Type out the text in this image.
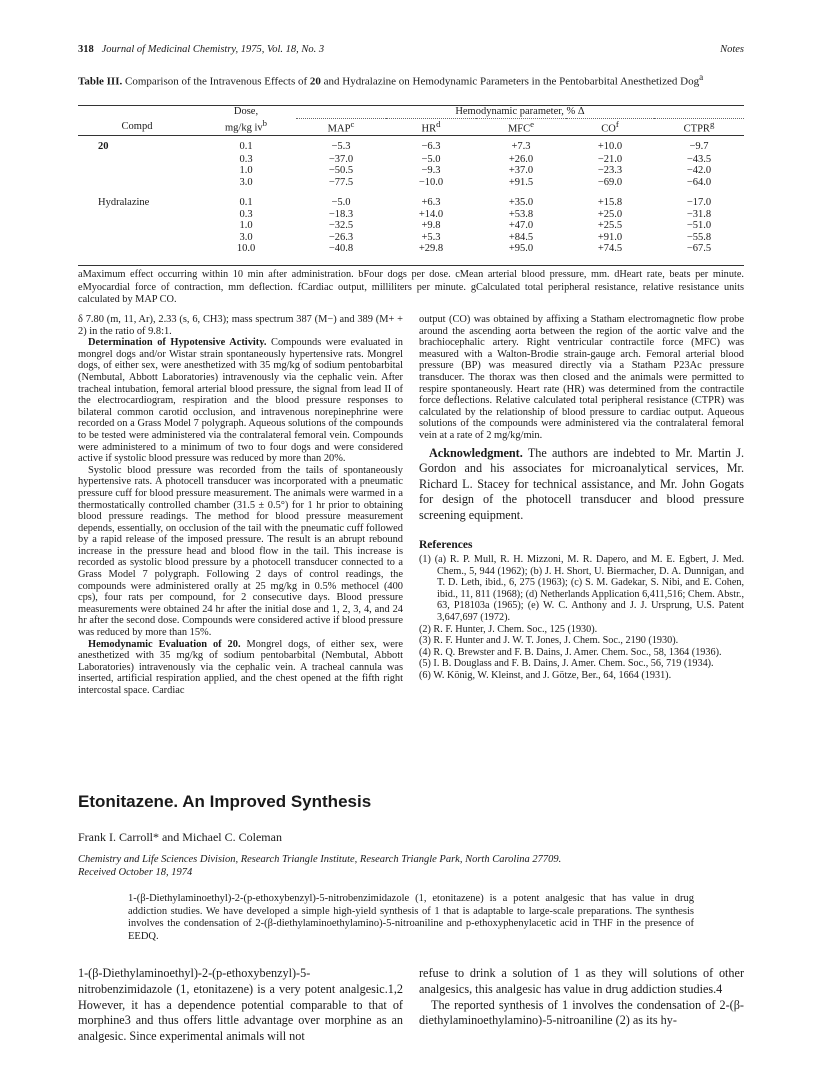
318 Journal of Medicinal Chemistry, 1975, Vol. 18, No. 3	Notes
Table III. Comparison of the Intravenous Effects of 20 and Hydralazine on Hemodynamic Parameters in the Pentobarbital Anesthetized Dog$^a$

	Dose,	Hemodynamic parameter, % Δ				
Compd	mg/kg $iv^b$	MAP$^c$	$HR^d$	MFC$^e$	$CO^f$	CTPR$^g$

20	0.1	−5.3	−6.3	+7.3	+10.0	−9.7
	0.3	−37.0	−5.0	+26.0	−21.0	−43.5
	1.0	−50.5	−9.3	+37.0	−23.3	−42.0
	3.0	−77.5	−10.0	+91.5	−69.0	−64.0

Hydralazine	0.1	−5.0	+6.3	+35.0	+15.8	−17.0
	0.3	−18.3	+14.0	+53.8	+25.0	−31.8
	1.0	−32.5	+9.8	+47.0	+25.5	−51.0
	3.0	−26.3	+5.3	+84.5	+91.0	−55.8
	10.0	−40.8	+29.8	+95.0	+74.5	−67.5

aMaximum effect occurring within 10 min after administration. bFour dogs per dose. cMean arterial blood pressure, mm. dHeart rate, beats per minute. eMyocardial force of contraction, mm deflection. fCardiac output, milliliters per minute. gCalculated total peripheral resistance, relative resistance units calculated by MAP CO.

δ 7.80 (m, 11, Ar), 2.33 (s, 6, CH3); mass spectrum 387 (M−) and 389 (M+ + 2) in the ratio of 9.8:1.

Determination of Hypotensive Activity. Compounds were evaluated in mongrel dogs and/or Wistar strain spontaneously hypertensive rats. Mongrel dogs, of either sex, were anesthetized with 35 mg/kg of sodium pentobarbital (Nembutal, Abbott Laboratories) intravenously via the cephalic vein. After tracheal intubation, femoral arterial blood pressure, the signal from lead II of the electrocardiogram, respiration and the blood pressure responses to bilateral common carotid occlusion, and intravenous norepinephrine were recorded on a Grass Model 7 polygraph. Aqueous solutions of the compounds to be tested were administered via the contralateral femoral vein. Compounds were administered to a minimum of two to four dogs and were considered active if systolic blood pressure was reduced by more than 20%.

Systolic blood pressure was recorded from the tails of spontaneously hypertensive rats. A photocell transducer was incorporated with a pneumatic pressure cuff for blood pressure measurement. The animals were warmed in a thermostatically controlled chamber (31.5 ± 0.5°) for 1 hr prior to obtaining blood pressure readings. The method for blood pressure measurement depends, essentially, on occlusion of the tail with the pneumatic cuff followed by a rapid release of the imposed pressure. The result is an abrupt rebound increase in the pressure head and blood flow in the tail. This increase is recorded as systolic blood pressure by a photocell transducer connected to a Grass Model 7 polygraph. Following 2 days of control readings, the compounds were administered orally at 25 mg/kg in 0.5% methocel (400 cps), four rats per compound, for 2 consecutive days. Blood pressure measurements were obtained 24 hr after the initial dose and 1, 2, 3, 4, and 24 hr after the second dose. Compounds were considered active if blood pressure was reduced by more than 15%.

Hemodynamic Evaluation of 20. Mongrel dogs, of either sex, were anesthetized with 35 mg/kg of sodium pentobarbital (Nembutal, Abbott Laboratories) intravenously via the cephalic vein. A tracheal cannula was inserted, artificial respiration applied, and the chest opened at the fifth right intercostal space. Cardiac

output (CO) was obtained by affixing a Statham electromagnetic flow probe around the ascending aorta between the region of the aortic valve and the brachiocephalic artery. Right ventricular contractile force (MFC) was measured with a Walton-Brodie strain-gauge arch. Femoral arterial blood pressure (BP) was measured directly via a Statham P23Ac pressure transducer. The thorax was then closed and the animals were permitted to respire spontaneously. Heart rate (HR) was determined from the contractile force deflections. Relative calculated total peripheral resistance (CTPR) was calculated by the relationship of blood pressure to cardiac output. Aqueous solutions of the compounds were administered via the contralateral femoral vein at a rate of 2 mg/kg/min.

Acknowledgment. The authors are indebted to Mr. Martin J. Gordon and his associates for microanalytical services, Mr. Richard L. Stacey for technical assistance, and Mr. John Gogats for design of the photocell transducer and blood pressure screening equipment.

References

(1) (a) R. P. Mull, R. H. Mizzoni, M. R. Dapero, and M. E. Egbert, J. Med. Chem., 5, 944 (1962); (b) J. H. Short, U. Biermacher, D. A. Dunnigan, and T. D. Leth, ibid., 6, 275 (1963); (c) S. M. Gadekar, S. Nibi, and E. Cohen, ibid., 11, 811 (1968); (d) Netherlands Application 6,411,516; Chem. Abstr., 63, P18103a (1965); (e) W. C. Anthony and J. J. Ursprung, U.S. Patent 3,647,697 (1972).

(2) R. F. Hunter, J. Chem. Soc., 125 (1930).

(3) R. F. Hunter and J. W. T. Jones, J. Chem. Soc., 2190 (1930).

(4) R. Q. Brewster and F. B. Dains, J. Amer. Chem. Soc., 58, 1364 (1936).

(5) I. B. Douglass and F. B. Dains, J. Amer. Chem. Soc., 56, 719 (1934).

(6) W. König, W. Kleinst, and J. Götze, Ber., 64, 1664 (1931).

Etonitazene. An Improved Synthesis
Frank I. Carroll* and Michael C. Coleman
Chemistry and Life Sciences Division, Research Triangle Institute, Research Triangle Park, North Carolina 27709.
Received October 18, 1974
1-(β-Diethylaminoethyl)-2-(p-ethoxybenzyl)-5-nitrobenzimidazole (1, etonitazene) is a potent analgesic that has value in drug addiction studies. We have developed a simple high-yield synthesis of 1 that is adaptable to large-scale preparations. The synthesis involves the condensation of 2-(β-diethylaminoethylamino)-5-nitroaniline and p-ethoxyphenylacetic acid in THF in the presence of EEDQ.

1-(β-Diethylaminoethyl)-2-(p-ethoxybenzyl)-5-nitrobenzimidazole (1, etonitazene) is a very potent analgesic.1,2 However, it has a dependence potential comparable to that of morphine3 and thus offers little advantage over morphine as an analgesic. Since experimental animals will not

refuse to drink a solution of 1 as they will solutions of other analgesics, this analgesic has value in drug addiction studies.4

The reported synthesis of 1 involves the condensation of 2-(β-diethylaminoethylamino)-5-nitroaniline (2) as its hy-
